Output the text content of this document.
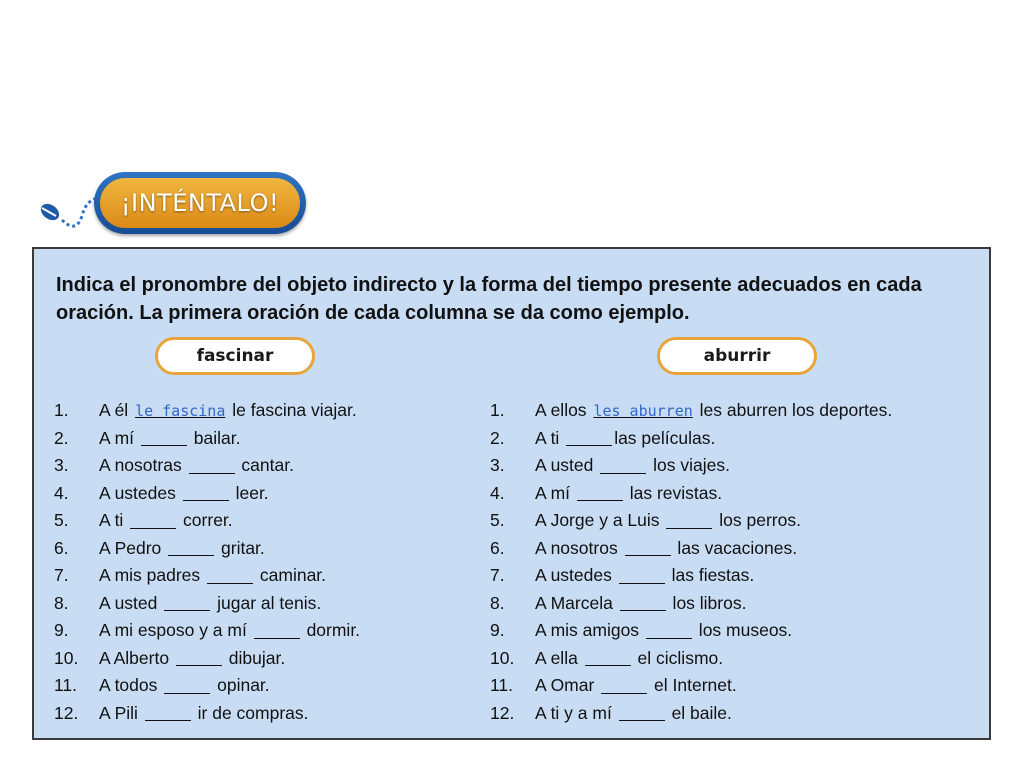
¡INTÉNTALO!

Indica el pronombre del objeto indirecto y la forma del tiempo presente adecuados en cada oración. La primera oración de cada columna se da como ejemplo.

fascinar	aburrir
1.	A él le fascina le fascina viajar.
2.	A mí	bailar.
3.	A nosotras	cantar.
4.	A ustedes	leer.
5.	A ti	correr.
6.	A Pedro	gritar.
7.	A mis padres	caminar.
8.	A usted	jugar al tenis.
9.	A mi esposo y a mí	dormir.
10.	A Alberto	dibujar.
11.	A todos	opinar.
12.	A Pili	ir de compras.
1.	A ellos les aburren les aburren los deportes.
2.	A ti	las películas.
3.	A usted	los viajes.
4.	A mí	las revistas.
5.	A Jorge y a Luis	los perros.
6.	A nosotros	las vacaciones.
7.	A ustedes	las fiestas.
8.	A Marcela	los libros.
9.	A mis amigos	los museos.
10.	A ella	el ciclismo.
11.	A Omar	el Internet.
12.	A ti y a mí	el baile.
